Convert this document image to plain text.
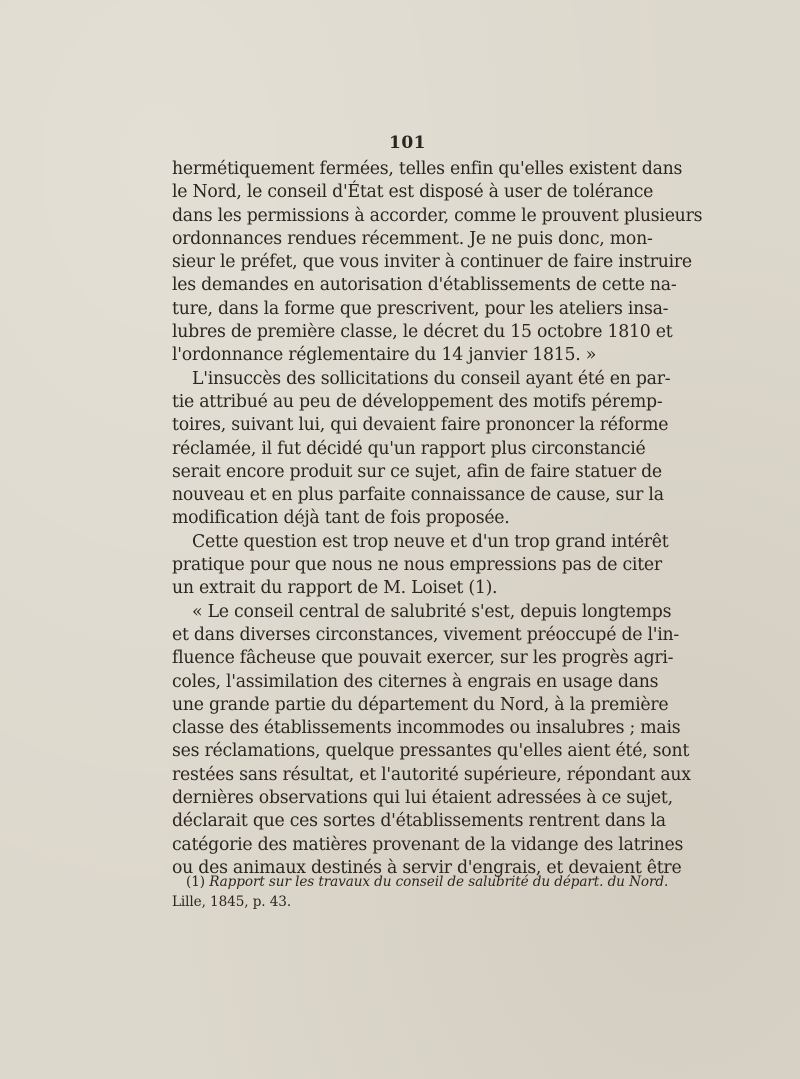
101
hermétiquement fermées, telles enfin qu'elles existent dans
le Nord, le conseil d'État est disposé à user de tolérance
dans les permissions à accorder, comme le prouvent plusieurs
ordonnances rendues récemment. Je ne puis donc, mon-
sieur le préfet, que vous inviter à continuer de faire instruire
les demandes en autorisation d'établissements de cette na-
ture, dans la forme que prescrivent, pour les ateliers insa-
lubres de première classe, le décret du 15 octobre 1810 et
l'ordonnance réglementaire du 14 janvier 1815. »
L'insuccès des sollicitations du conseil ayant été en par-
tie attribué au peu de développement des motifs péremp-
toires, suivant lui, qui devaient faire prononcer la réforme
réclamée, il fut décidé qu'un rapport plus circonstancié
serait encore produit sur ce sujet, afin de faire statuer de
nouveau et en plus parfaite connaissance de cause, sur la
modification déjà tant de fois proposée.
Cette question est trop neuve et d'un trop grand intérêt
pratique pour que nous ne nous empressions pas de citer
un extrait du rapport de M. Loiset (1).
« Le conseil central de salubrité s'est, depuis longtemps
et dans diverses circonstances, vivement préoccupé de l'in-
fluence fâcheuse que pouvait exercer, sur les progrès agri-
coles, l'assimilation des citernes à engrais en usage dans
une grande partie du département du Nord, à la première
classe des établissements incommodes ou insalubres ; mais
ses réclamations, quelque pressantes qu'elles aient été, sont
restées sans résultat, et l'autorité supérieure, répondant aux
dernières observations qui lui étaient adressées à ce sujet,
déclarait que ces sortes d'établissements rentrent dans la
catégorie des matières provenant de la vidange des latrines
ou des animaux destinés à servir d'engrais, et devaient être
(1) Rapport sur les travaux du conseil de salubrité du départ. du Nord.
Lille, 1845, p. 43.
